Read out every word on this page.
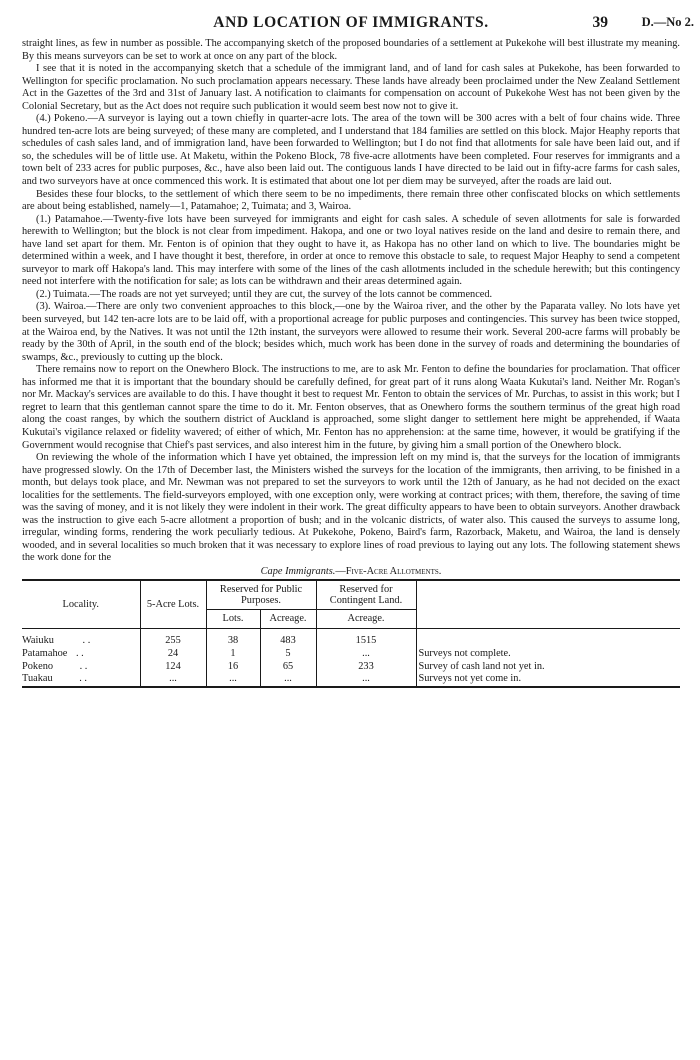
AND LOCATION OF IMMIGRANTS.	39	D.—No 2.

straight lines, as few in number as possible. The accompanying sketch of the proposed boundaries of a settlement at Pukekohe will best illustrate my meaning. By this means surveyors can be set to work at once on any part of the block.

I see that it is noted in the accompanying sketch that a schedule of the immigrant land, and of land for cash sales at Pukekohe, has been forwarded to Wellington for specific proclamation. No such proclamation appears necessary. These lands have already been proclaimed under the New Zealand Settlement Act in the Gazettes of the 3rd and 31st of January last. A notification to claimants for compensation on account of Pukekohe West has not been given by the Colonial Secretary, but as the Act does not require such publication it would seem best now not to give it.

(4.) Pokeno.—A surveyor is laying out a town chiefly in quarter-acre lots. The area of the town will be 300 acres with a belt of four chains wide. Three hundred ten-acre lots are being surveyed; of these many are completed, and I understand that 184 families are settled on this block. Major Heaphy reports that schedules of cash sales land, and of immigration land, have been forwarded to Wellington; but I do not find that allotments for sale have been laid out, and if so, the schedules will be of little use. At Maketu, within the Pokeno Block, 78 five-acre allotments have been completed. Four reserves for immigrants and a town belt of 233 acres for public purposes, &c., have also been laid out. The contiguous lands I have directed to be laid out in fifty-acre farms for cash sales, and two surveyors have at once commenced this work. It is estimated that about one lot per diem may be surveyed, after the roads are laid out.

Besides these four blocks, to the settlement of which there seem to be no impediments, there remain three other confiscated blocks on which settlements are about being established, namely—1, Patamahoe; 2, Tuimata; and 3, Wairoa.

(1.) Patamahoe.—Twenty-five lots have been surveyed for immigrants and eight for cash sales. A schedule of seven allotments for sale is forwarded herewith to Wellington; but the block is not clear from impediment. Hakopa, and one or two loyal natives reside on the land and desire to remain there, and have land set apart for them. Mr. Fenton is of opinion that they ought to have it, as Hakopa has no other land on which to live. The boundaries might be determined within a week, and I have thought it best, therefore, in order at once to remove this obstacle to sale, to request Major Heaphy to send a competent surveyor to mark off Hakopa's land. This may interfere with some of the lines of the cash allotments included in the schedule herewith; but this contingency need not interfere with the notification for sale; as lots can be withdrawn and their areas determined again.

(2.) Tuimata.—The roads are not yet surveyed; until they are cut, the survey of the lots cannot be commenced.

(3). Wairoa.—There are only two convenient approaches to this block,—one by the Wairoa river, and the other by the Paparata valley. No lots have yet been surveyed, but 142 ten-acre lots are to be laid off, with a proportional acreage for public purposes and contingencies. This survey has been twice stopped, at the Wairoa end, by the Natives. It was not until the 12th instant, the surveyors were allowed to resume their work. Several 200-acre farms will probably be ready by the 30th of April, in the south end of the block; besides which, much work has been done in the survey of roads and determining the boundaries of swamps, &c., previously to cutting up the block.

There remains now to report on the Onewhero Block. The instructions to me, are to ask Mr. Fenton to define the boundaries for proclamation. That officer has informed me that it is important that the boundary should be carefully defined, for great part of it runs along Waata Kukutai's land. Neither Mr. Rogan's nor Mr. Mackay's services are available to do this. I have thought it best to request Mr. Fenton to obtain the services of Mr. Purchas, to assist in this work; but I regret to learn that this gentleman cannot spare the time to do it. Mr. Fenton observes, that as Onewhero forms the southern terminus of the great high road along the coast ranges, by which the southern district of Auckland is approached, some slight danger to settlement here might be apprehended, if Waata Kukutai's vigilance relaxed or fidelity wavered; of either of which, Mr. Fenton has no apprehension: at the same time, however, it would be gratifying if the Government would recognise that Chief's past services, and also interest him in the future, by giving him a small portion of the Onewhero block.

On reviewing the whole of the information which I have yet obtained, the impression left on my mind is, that the surveys for the location of immigrants have progressed slowly. On the 17th of December last, the Ministers wished the surveys for the location of the immigrants, then arriving, to be finished in a month, but delays took place, and Mr. Newman was not prepared to set the surveyors to work until the 12th of January, as he had not decided on the exact localities for the settlements. The field-surveyors employed, with one exception only, were working at contract prices; with them, therefore, the saving of time was the saving of money, and it is not likely they were indolent in their work. The great difficulty appears to have been to obtain surveyors. Another drawback was the instruction to give each 5-acre allotment a proportion of bush; and in the volcanic districts, of water also. This caused the surveys to assume long, irregular, winding forms, rendering the work peculiarly tedious. At Pukekohe, Pokeno, Baird's farm, Razorback, Maketu, and Wairoa, the land is densely wooded, and in several localities so much broken that it was necessary to explore lines of road previous to laying out any lots. The following statement shews the work done for the

Cape Immigrants.—Five-Acre Allotments.
Locality.	5-Acre Lots.	Reserved for Public Purposes.		Reserved for Contingent Land.	
		Lots.	Acreage.	Acreage.	
Waiuku . .	255	38	483	1515	
Patamahoe . .	24	1	5	...	Surveys not complete.
Pokeno . .	124	16	65	233	Survey of cash land not yet in.
Tuakau . .	...	...	...	...	Surveys not yet come in.
